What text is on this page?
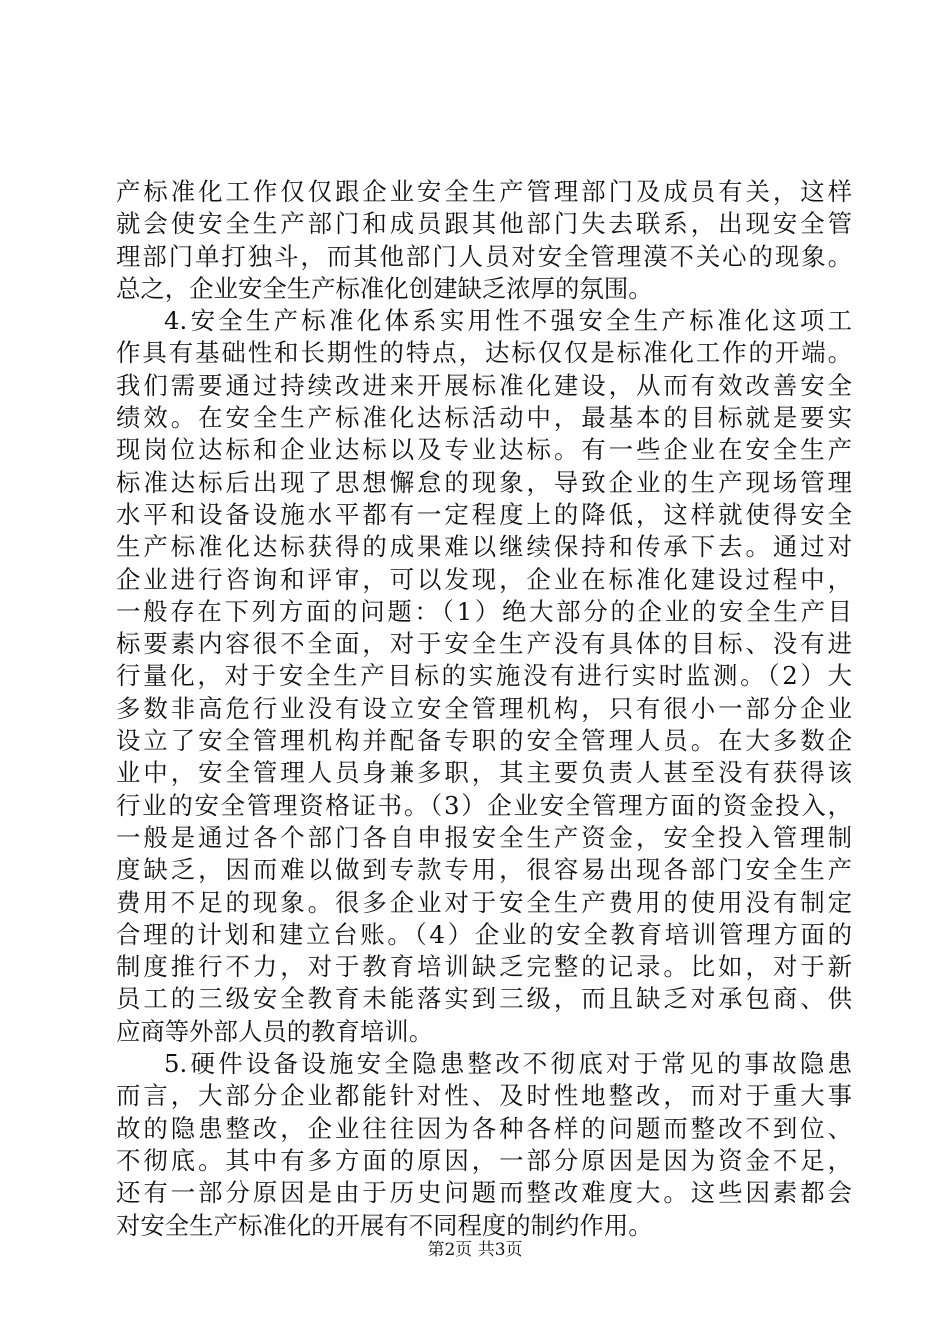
产标准化工作仅仅跟企业安全生产管理部门及成员有关，这样
就会使安全生产部门和成员跟其他部门失去联系，出现安全管
理部门单打独斗，而其他部门人员对安全管理漠不关心的现象。
总之，企业安全生产标准化创建缺乏浓厚的氛围。
4.安全生产标准化体系实用性不强安全生产标准化这项工
作具有基础性和长期性的特点，达标仅仅是标准化工作的开端。
我们需要通过持续改进来开展标准化建设，从而有效改善安全
绩效。在安全生产标准化达标活动中，最基本的目标就是要实
现岗位达标和企业达标以及专业达标。有一些企业在安全生产
标准达标后出现了思想懈怠的现象，导致企业的生产现场管理
水平和设备设施水平都有一定程度上的降低，这样就使得安全
生产标准化达标获得的成果难以继续保持和传承下去。通过对
企业进行咨询和评审，可以发现，企业在标准化建设过程中，
一般存在下列方面的问题：（1）绝大部分的企业的安全生产目
标要素内容很不全面，对于安全生产没有具体的目标、没有进
行量化，对于安全生产目标的实施没有进行实时监测。（2）大
多数非高危行业没有设立安全管理机构，只有很小一部分企业
设立了安全管理机构并配备专职的安全管理人员。在大多数企
业中，安全管理人员身兼多职，其主要负责人甚至没有获得该
行业的安全管理资格证书。（3）企业安全管理方面的资金投入，
一般是通过各个部门各自申报安全生产资金，安全投入管理制
度缺乏，因而难以做到专款专用，很容易出现各部门安全生产
费用不足的现象。很多企业对于安全生产费用的使用没有制定
合理的计划和建立台账。（4）企业的安全教育培训管理方面的
制度推行不力，对于教育培训缺乏完整的记录。比如，对于新
员工的三级安全教育未能落实到三级，而且缺乏对承包商、供
应商等外部人员的教育培训。
5.硬件设备设施安全隐患整改不彻底对于常见的事故隐患
而言，大部分企业都能针对性、及时性地整改，而对于重大事
故的隐患整改，企业往往因为各种各样的问题而整改不到位、
不彻底。其中有多方面的原因，一部分原因是因为资金不足，
还有一部分原因是由于历史问题而整改难度大。这些因素都会
对安全生产标准化的开展有不同程度的制约作用。
第2页 共3页
